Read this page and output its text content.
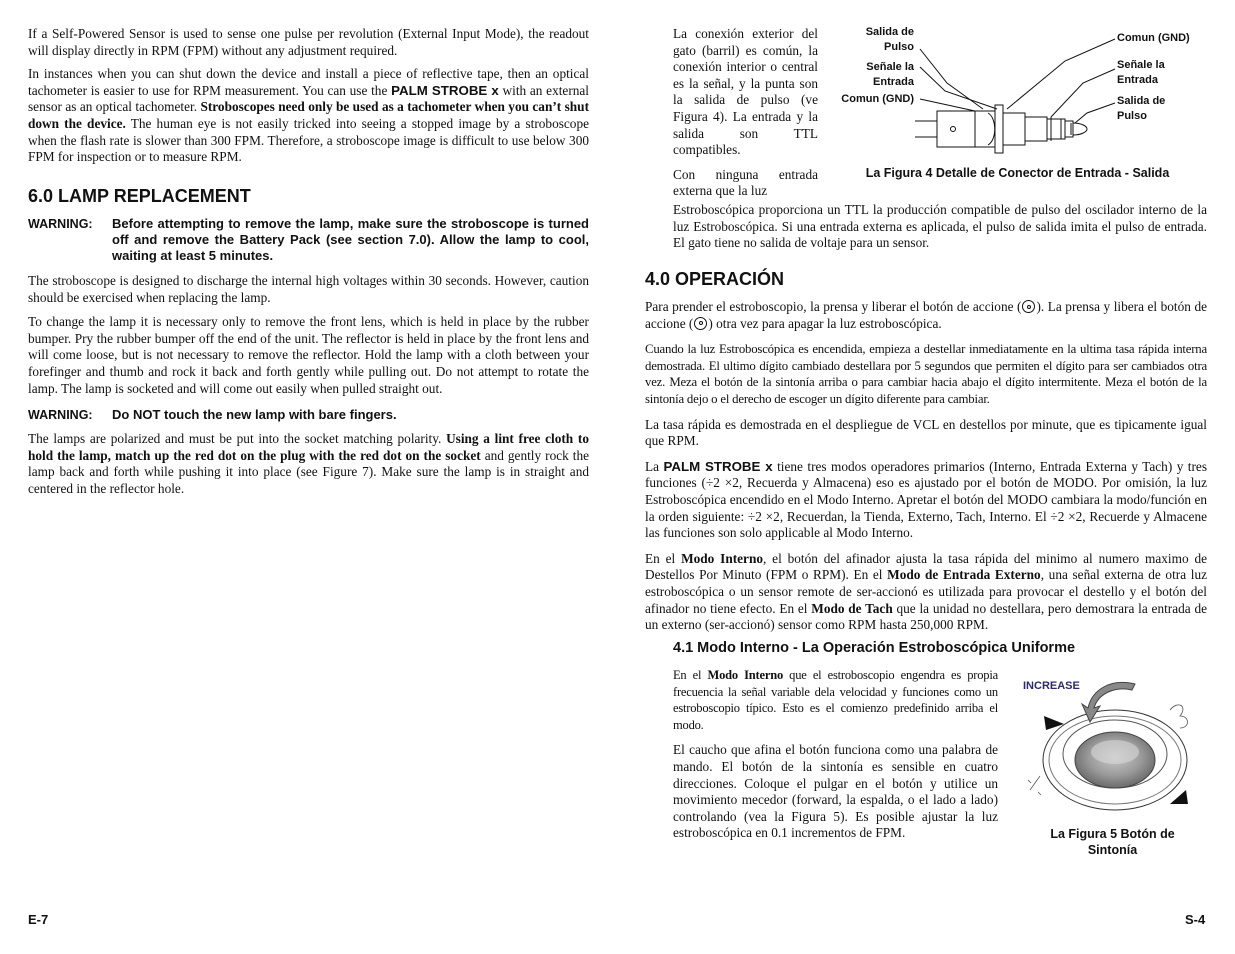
If a Self-Powered Sensor is used to sense one pulse per revolution (External Input Mode), the readout will display directly in RPM (FPM) without any adjustment required.

In instances when you can shut down the device and install a piece of reflective tape, then an optical tachometer is easier to use for RPM measurement. You can use the PALM STROBE x with an external sensor as an optical tachometer. Stroboscopes need only be used as a tachometer when you can’t shut down the device. The human eye is not easily tricked into seeing a stopped image by a stroboscope when the flash rate is slower than 300 FPM. Therefore, a stroboscope image is difficult to use below 300 FPM for inspection or to measure RPM.

6.0 LAMP REPLACEMENT
WARNING:	Before attempting to remove the lamp, make sure the stroboscope is turned off and remove the Battery Pack (see section 7.0). Allow the lamp to cool, waiting at least 5 minutes.

The stroboscope is designed to discharge the internal high voltages within 30 seconds. However, caution should be exercised when replacing the lamp.

To change the lamp it is necessary only to remove the front lens, which is held in place by the rubber bumper. Pry the rubber bumper off the end of the unit. The reflector is held in place by the front lens and will come loose, but is not necessary to remove the reflector. Hold the lamp with a cloth between your forefinger and thumb and rock it back and forth gently while pulling out. Do not attempt to rotate the lamp. The lamp is socketed and will come out easily when pulled straight out.

WARNING:	Do NOT touch the new lamp with bare fingers.

The lamps are polarized and must be put into the socket matching polarity. Using a lint free cloth to hold the lamp, match up the red dot on the plug with the red dot on the socket and gently rock the lamp back and forth while pushing it into place (see Figure 7). Make sure the lamp is in straight and centered in the reflector hole.

E-7

La conexión exterior del gato (barril) es común, la conexión interior o central es la señal, y la punta son la salida de pulso (ve Figura 4). La entrada y la salida son TTL compatibles.

Con ninguna entrada externa que la luz

Salida de
Pulso
Señale la
Entrada
Comun (GND)
Comun (GND)
Señale la
Entrada
Salida de
Pulso
La Figura 4 Detalle de Conector de Entrada - Salida

Estroboscópica proporciona un TTL la producción compatible de pulso del oscilador interno de la luz Estroboscópica. Si una entrada externa es aplicada, el pulso de salida imita el pulso de entrada. El gato tiene no salida de voltaje para un sensor.

4.0 OPERACIÓN

Para prender el estroboscopio, la prensa y liberar el botón de accione ( ). La prensa y libera el botón de accione ( ) otra vez para apagar la luz estroboscópica.

Cuando la luz Estroboscópica es encendida, empieza a destellar inmediatamente en la ultima tasa rápida interna demostrada. El ultimo dígito cambiado destellara por 5 segundos que permiten el dígito para ser cambiados otra vez. Meza el botón de la sintonía arriba o para cambiar hacia abajo el dígito intermitente. Meza el botón de la sintonía dejo o el derecho de escoger un dígito diferente para cambiar.

La tasa rápida es demostrada en el despliegue de VCL en destellos por minute, que es tipicamente igual que RPM.

La PALM STROBE x tiene tres modos operadores primarios (Interno, Entrada Externa y Tach) y tres funciones (÷2 ×2, Recuerda y Almacena) eso es ajustado por el botón de MODO. Por omisión, la luz Estroboscópica encendido en el Modo Interno. Apretar el botón del MODO cambiara la modo/función en la orden siguiente: ÷2 ×2, Recuerdan, la Tienda, Externo, Tach, Interno. El ÷2 ×2, Recuerde y Almacene las funciones son solo applicable al Modo Interno.

En el Modo Interno, el botón del afinador ajusta la tasa rápida del minimo al numero maximo de Destellos Por Minuto (FPM o RPM). En el Modo de Entrada Externo, una señal externa de otra luz estroboscópica o un sensor remote de ser-accionó es utilizada para provocar el destello y el botón del afinador no tiene efecto. En el Modo de Tach que la unidad no destellara, pero demostrara la entrada de un externo (ser-accionó) sensor como RPM hasta 250,000 RPM.

4.1 Modo Interno - La Operación Estroboscópica Uniforme

En el Modo Interno que el estroboscopio engendra es propia frecuencia la señal variable dela velocidad y funciones como un estroboscopio típico. Esto es el comienzo predefinido arriba el modo.

El caucho que afina el botón funciona como una palabra de mando. El botón de la sintonía es sensible en cuatro direcciones. Coloque el pulgar en el botón y utilice un movimiento mecedor (forward, la espalda, o el lado a lado) controlando (vea la Figura 5). Es posible ajustar la luz estroboscópica en 0.1 incrementos de FPM.

INCREASE
La Figura 5 Botón de
Sintonía
S-4
